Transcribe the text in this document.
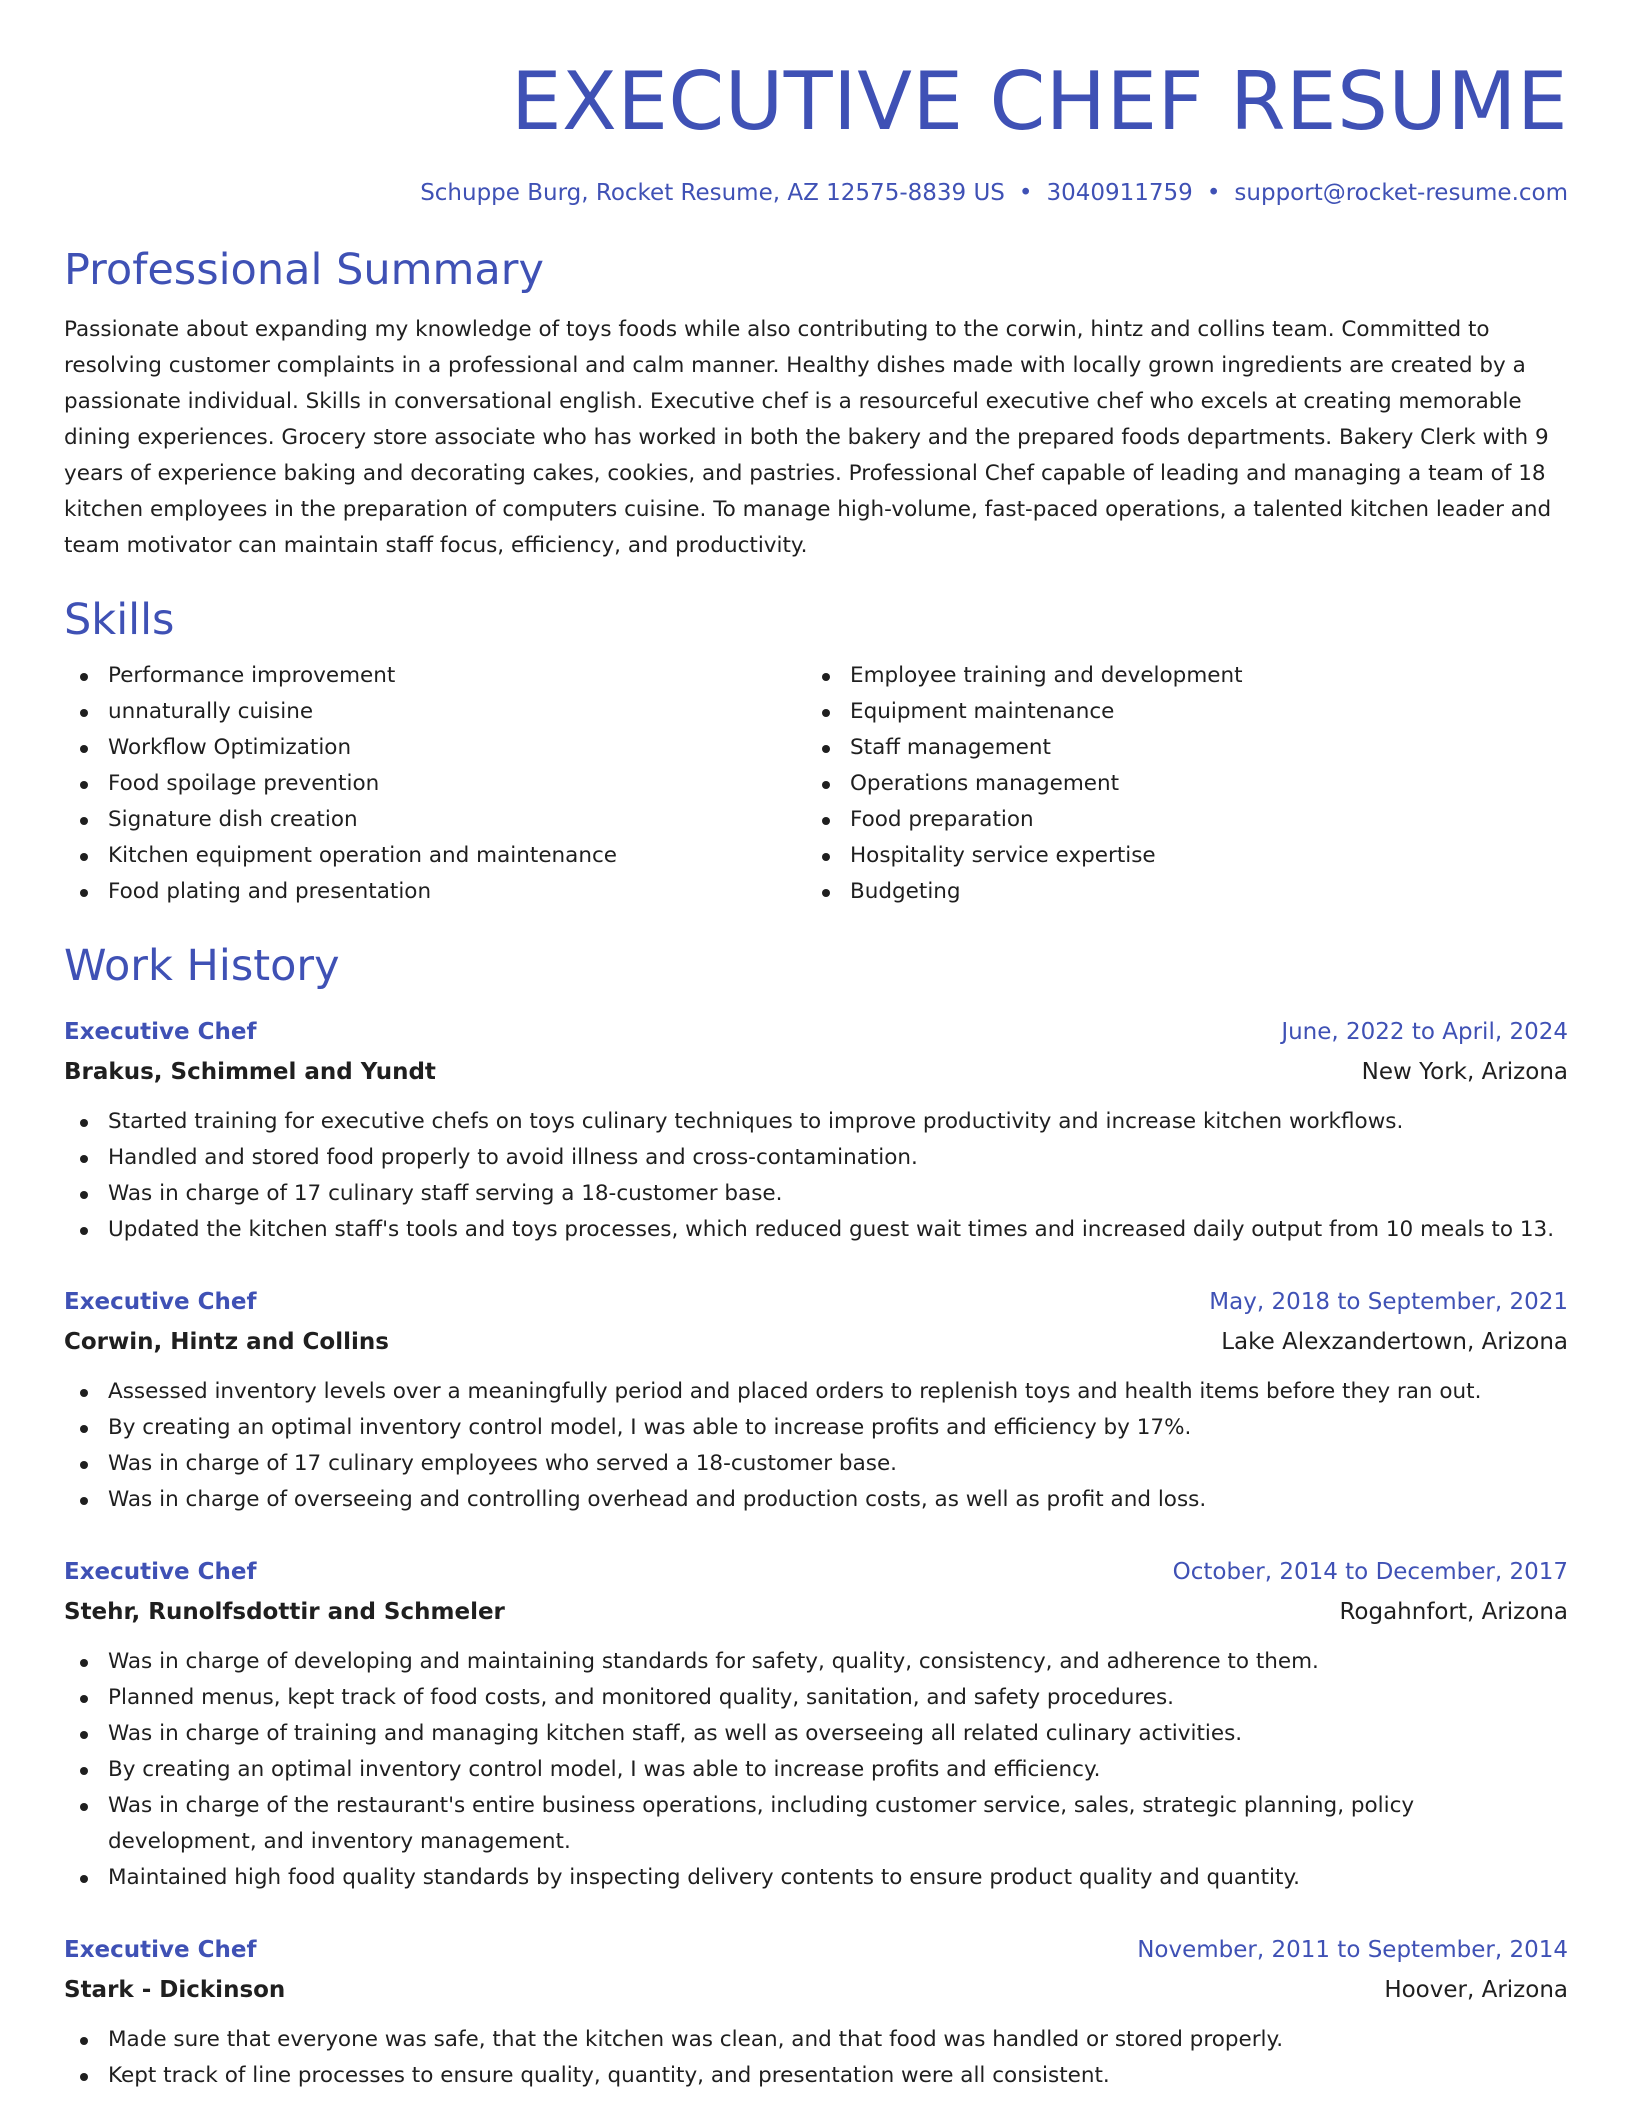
EXECUTIVE CHEF RESUME
Schuppe Burg, Rocket Resume, AZ 12575-8839 US • 3040911759 • support@rocket-resume.com
Professional Summary
Passionate about expanding my knowledge of toys foods while also contributing to the corwin, hintz and collins team. Committed to resolving customer complaints in a professional and calm manner. Healthy dishes made with locally grown ingredients are created by a passionate individual. Skills in conversational english. Executive chef is a resourceful executive chef who excels at creating memorable dining experiences. Grocery store associate who has worked in both the bakery and the prepared foods departments. Bakery Clerk with 9 years of experience baking and decorating cakes, cookies, and pastries. Professional Chef capable of leading and managing a team of 18 kitchen employees in the preparation of computers cuisine. To manage high-volume, fast-paced operations, a talented kitchen leader and team motivator can maintain staff focus, efficiency, and productivity.
Skills
Performance improvement
unnaturally cuisine
Workflow Optimization
Food spoilage prevention
Signature dish creation
Kitchen equipment operation and maintenance
Food plating and presentation
Employee training and development
Equipment maintenance
Staff management
Operations management
Food preparation
Hospitality service expertise
Budgeting
Work History
Executive Chef	June, 2022 to April, 2024
Brakus, Schimmel and Yundt	New York, Arizona
Started training for executive chefs on toys culinary techniques to improve productivity and increase kitchen workflows.
Handled and stored food properly to avoid illness and cross-contamination.
Was in charge of 17 culinary staff serving a 18-customer base.
Updated the kitchen staff's tools and toys processes, which reduced guest wait times and increased daily output from 10 meals to 13.
Executive Chef	May, 2018 to September, 2021
Corwin, Hintz and Collins	Lake Alexzandertown, Arizona
Assessed inventory levels over a meaningfully period and placed orders to replenish toys and health items before they ran out.
By creating an optimal inventory control model, I was able to increase profits and efficiency by 17%.
Was in charge of 17 culinary employees who served a 18-customer base.
Was in charge of overseeing and controlling overhead and production costs, as well as profit and loss.
Executive Chef	October, 2014 to December, 2017
Stehr, Runolfsdottir and Schmeler	Rogahnfort, Arizona
Was in charge of developing and maintaining standards for safety, quality, consistency, and adherence to them.
Planned menus, kept track of food costs, and monitored quality, sanitation, and safety procedures.
Was in charge of training and managing kitchen staff, as well as overseeing all related culinary activities.
By creating an optimal inventory control model, I was able to increase profits and efficiency.
Was in charge of the restaurant's entire business operations, including customer service, sales, strategic planning, policy development, and inventory management.
Maintained high food quality standards by inspecting delivery contents to ensure product quality and quantity.
Executive Chef	November, 2011 to September, 2014
Stark - Dickinson	Hoover, Arizona
Made sure that everyone was safe, that the kitchen was clean, and that food was handled or stored properly.
Kept track of line processes to ensure quality, quantity, and presentation were all consistent.
